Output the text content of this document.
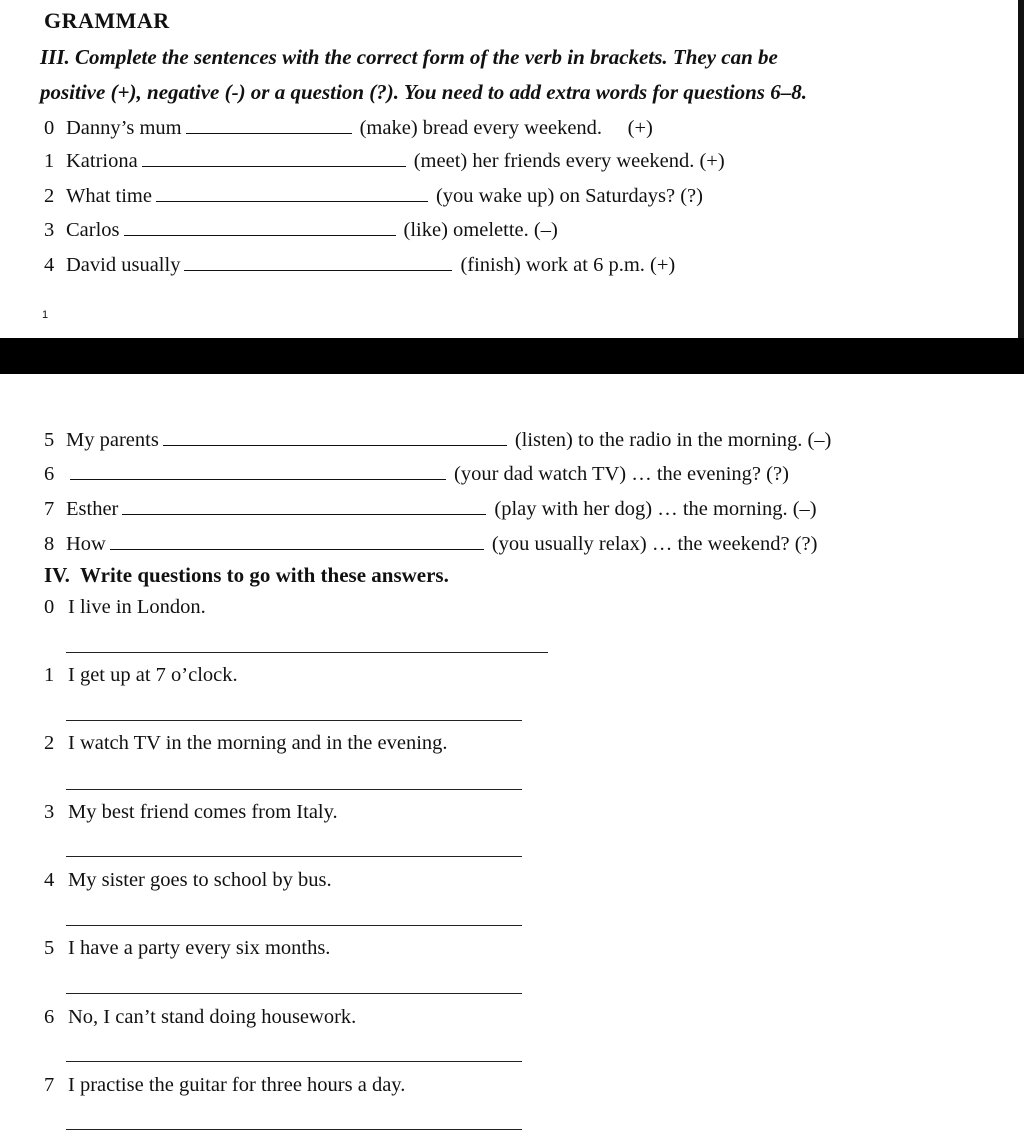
GRAMMAR
III. Complete the sentences with the correct form of the verb in brackets. They can be
positive (+), negative (-) or a question (?). You need to add extra words for questions 6–8.
0 Danny’s mum	(make) bread every weekend.     (+)
1 Katriona	(meet) her friends every weekend. (+)
2 What time	(you wake up) on Saturdays? (?)
3 Carlos	(like) omelette. (–)
4 David usually	(finish) work at 6 p.m. (+)
1
5 My parents	(listen) to the radio in the morning. (–)
6	(your dad watch TV) … the evening? (?)
7 Esther	(play with her dog) … the morning. (–)
8 How	(you usually relax) … the weekend? (?)
IV.  Write questions to go with these answers.
0 I live in London.
1 I get up at 7 o’clock.
2 I watch TV in the morning and in the evening.
3 My best friend comes from Italy.
4 My sister goes to school by bus.
5 I have a party every six months.
6 No, I can’t stand doing housework.
7 I practise the guitar for three hours a day.
